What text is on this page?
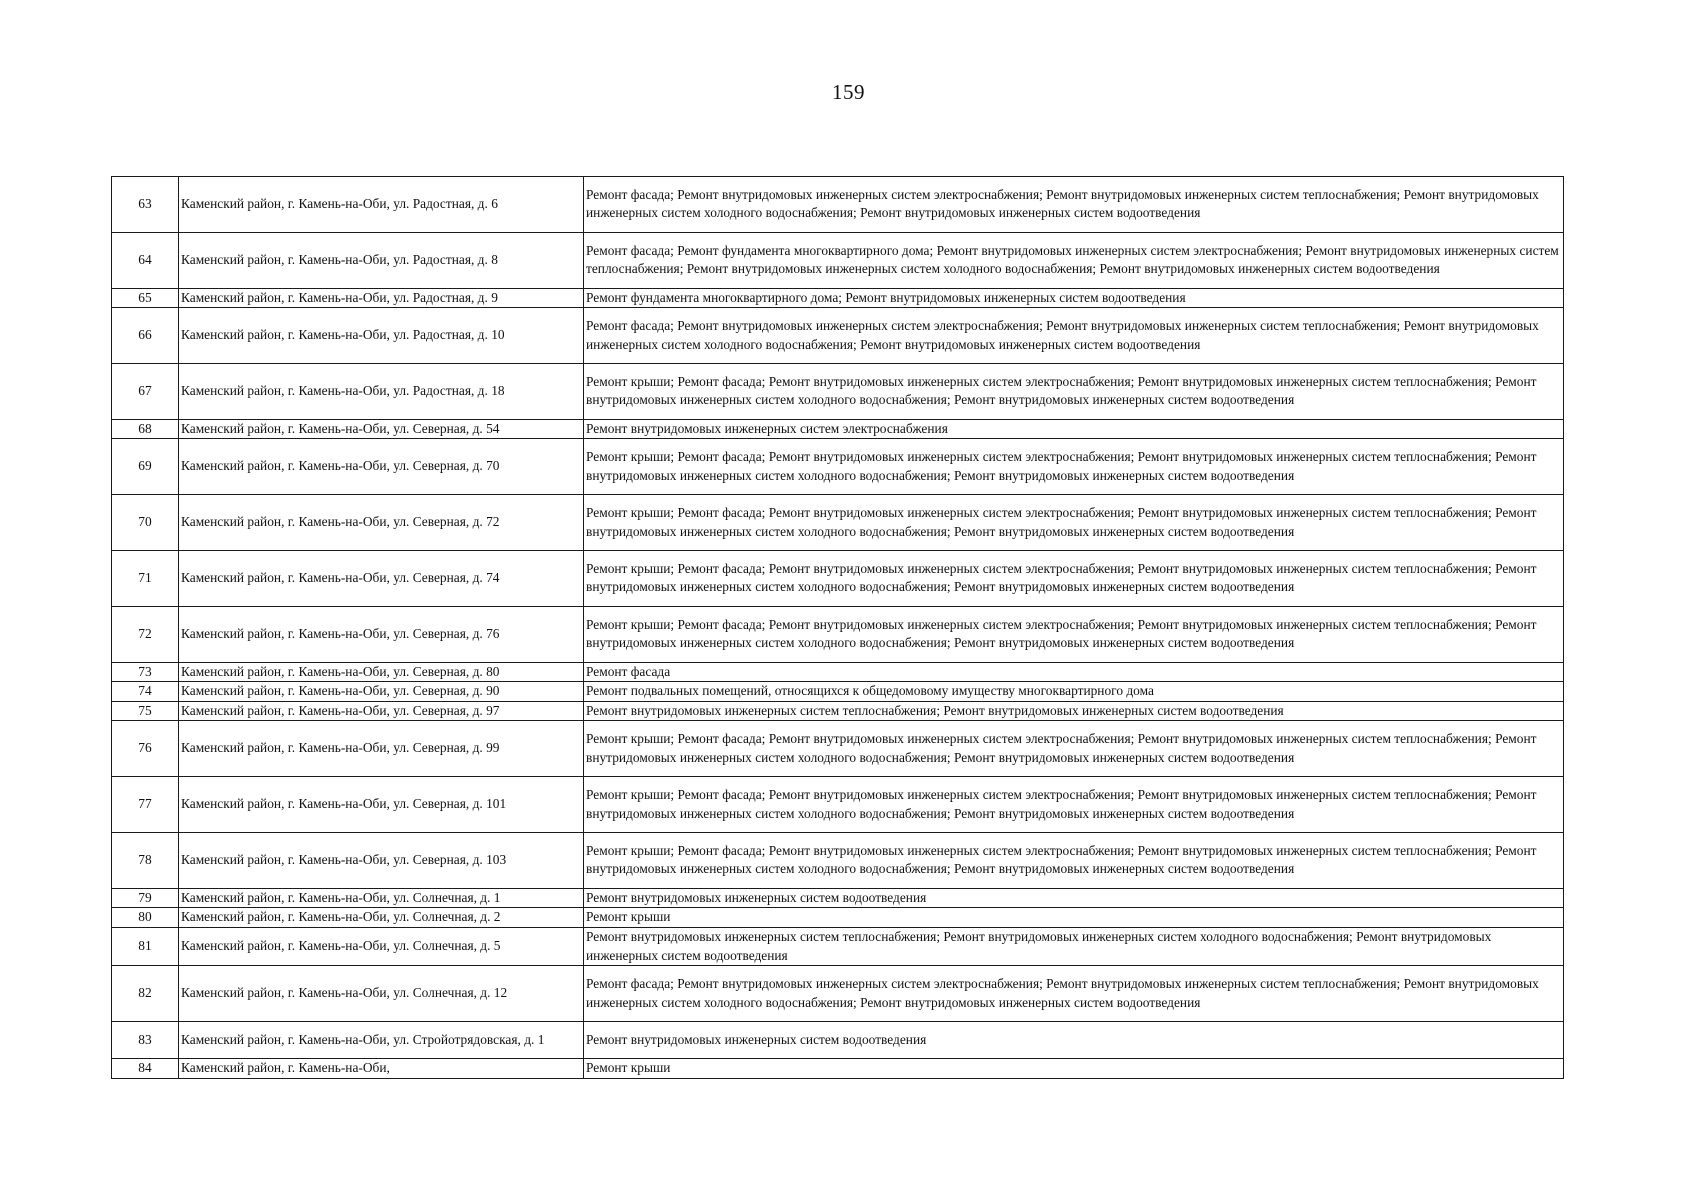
159
63	Каменский район, г. Камень-на-Оби, ул. Радостная, д. 6	Ремонт фасада; Ремонт внутридомовых инженерных систем электроснабжения; Ремонт внутридомовых инженерных систем теплоснабжения; Ремонт внутридомовых инженерных систем холодного водоснабжения; Ремонт внутридомовых инженерных систем водоотведения
64	Каменский район, г. Камень-на-Оби, ул. Радостная, д. 8	Ремонт фасада; Ремонт фундамента многоквартирного дома; Ремонт внутридомовых инженерных систем электроснабжения; Ремонт внутридомовых инженерных систем теплоснабжения; Ремонт внутридомовых инженерных систем холодного водоснабжения; Ремонт внутридомовых инженерных систем водоотведения
65	Каменский район, г. Камень-на-Оби, ул. Радостная, д. 9	Ремонт фундамента многоквартирного дома; Ремонт внутридомовых инженерных систем водоотведения
66	Каменский район, г. Камень-на-Оби, ул. Радостная, д. 10	Ремонт фасада; Ремонт внутридомовых инженерных систем электроснабжения; Ремонт внутридомовых инженерных систем теплоснабжения; Ремонт внутридомовых инженерных систем холодного водоснабжения; Ремонт внутридомовых инженерных систем водоотведения
67	Каменский район, г. Камень-на-Оби, ул. Радостная, д. 18	Ремонт крыши; Ремонт фасада; Ремонт внутридомовых инженерных систем электроснабжения; Ремонт внутридомовых инженерных систем теплоснабжения; Ремонт внутридомовых инженерных систем холодного водоснабжения; Ремонт внутридомовых инженерных систем водоотведения
68	Каменский район, г. Камень-на-Оби, ул. Северная, д. 54	Ремонт внутридомовых инженерных систем электроснабжения
69	Каменский район, г. Камень-на-Оби, ул. Северная, д. 70	Ремонт крыши; Ремонт фасада; Ремонт внутридомовых инженерных систем электроснабжения; Ремонт внутридомовых инженерных систем теплоснабжения; Ремонт внутридомовых инженерных систем холодного водоснабжения; Ремонт внутридомовых инженерных систем водоотведения
70	Каменский район, г. Камень-на-Оби, ул. Северная, д. 72	Ремонт крыши; Ремонт фасада; Ремонт внутридомовых инженерных систем электроснабжения; Ремонт внутридомовых инженерных систем теплоснабжения; Ремонт внутридомовых инженерных систем холодного водоснабжения; Ремонт внутридомовых инженерных систем водоотведения
71	Каменский район, г. Камень-на-Оби, ул. Северная, д. 74	Ремонт крыши; Ремонт фасада; Ремонт внутридомовых инженерных систем электроснабжения; Ремонт внутридомовых инженерных систем теплоснабжения; Ремонт внутридомовых инженерных систем холодного водоснабжения; Ремонт внутридомовых инженерных систем водоотведения
72	Каменский район, г. Камень-на-Оби, ул. Северная, д. 76	Ремонт крыши; Ремонт фасада; Ремонт внутридомовых инженерных систем электроснабжения; Ремонт внутридомовых инженерных систем теплоснабжения; Ремонт внутридомовых инженерных систем холодного водоснабжения; Ремонт внутридомовых инженерных систем водоотведения
73	Каменский район, г. Камень-на-Оби, ул. Северная, д. 80	Ремонт фасада
74	Каменский район, г. Камень-на-Оби, ул. Северная, д. 90	Ремонт подвальных помещений, относящихся к общедомовому имуществу многоквартирного дома
75	Каменский район, г. Камень-на-Оби, ул. Северная, д. 97	Ремонт внутридомовых инженерных систем теплоснабжения; Ремонт внутридомовых инженерных систем водоотведения
76	Каменский район, г. Камень-на-Оби, ул. Северная, д. 99	Ремонт крыши; Ремонт фасада; Ремонт внутридомовых инженерных систем электроснабжения; Ремонт внутридомовых инженерных систем теплоснабжения; Ремонт внутридомовых инженерных систем холодного водоснабжения; Ремонт внутридомовых инженерных систем водоотведения
77	Каменский район, г. Камень-на-Оби, ул. Северная, д. 101	Ремонт крыши; Ремонт фасада; Ремонт внутридомовых инженерных систем электроснабжения; Ремонт внутридомовых инженерных систем теплоснабжения; Ремонт внутридомовых инженерных систем холодного водоснабжения; Ремонт внутридомовых инженерных систем водоотведения
78	Каменский район, г. Камень-на-Оби, ул. Северная, д. 103	Ремонт крыши; Ремонт фасада; Ремонт внутридомовых инженерных систем электроснабжения; Ремонт внутридомовых инженерных систем теплоснабжения; Ремонт внутридомовых инженерных систем холодного водоснабжения; Ремонт внутридомовых инженерных систем водоотведения
79	Каменский район, г. Камень-на-Оби, ул. Солнечная, д. 1	Ремонт внутридомовых инженерных систем водоотведения
80	Каменский район, г. Камень-на-Оби, ул. Солнечная, д. 2	Ремонт крыши
81	Каменский район, г. Камень-на-Оби, ул. Солнечная, д. 5	Ремонт внутридомовых инженерных систем теплоснабжения; Ремонт внутридомовых инженерных систем холодного водоснабжения; Ремонт внутридомовых инженерных систем водоотведения
82	Каменский район, г. Камень-на-Оби, ул. Солнечная, д. 12	Ремонт фасада; Ремонт внутридомовых инженерных систем электроснабжения; Ремонт внутридомовых инженерных систем теплоснабжения; Ремонт внутридомовых инженерных систем холодного водоснабжения; Ремонт внутридомовых инженерных систем водоотведения
83	Каменский район, г. Камень-на-Оби, ул. Стройотрядовская, д. 1	Ремонт внутридомовых инженерных систем водоотведения
84	Каменский район, г. Камень-на-Оби,	Ремонт крыши
